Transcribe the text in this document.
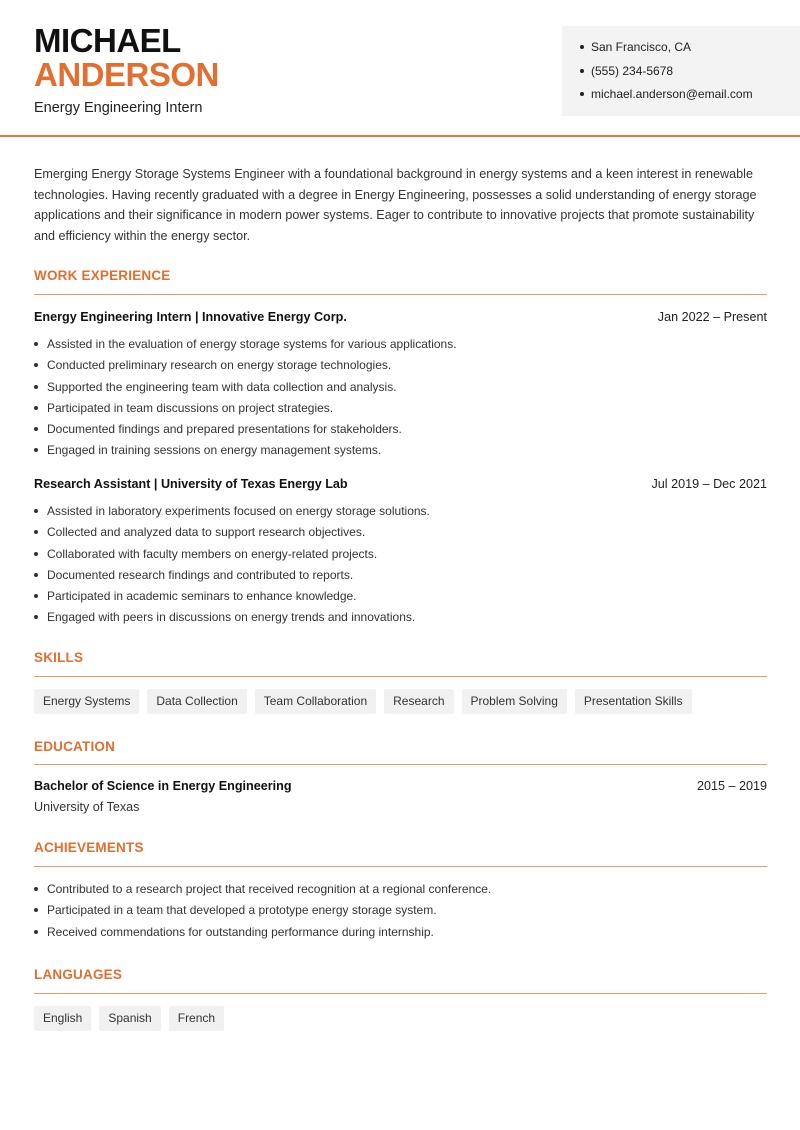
MICHAEL
ANDERSON
Energy Engineering Intern
San Francisco, CA
(555) 234-5678
michael.anderson@email.com

Emerging Energy Storage Systems Engineer with a foundational background in energy systems and a keen interest in renewable technologies. Having recently graduated with a degree in Energy Engineering, possesses a solid understanding of energy storage applications and their significance in modern power systems. Eager to contribute to innovative projects that promote sustainability and efficiency within the energy sector.

WORK EXPERIENCE
Energy Engineering Intern | Innovative Energy Corp.	Jan 2022 – Present
Assisted in the evaluation of energy storage systems for various applications.
Conducted preliminary research on energy storage technologies.
Supported the engineering team with data collection and analysis.
Participated in team discussions on project strategies.
Documented findings and prepared presentations for stakeholders.
Engaged in training sessions on energy management systems.
Research Assistant | University of Texas Energy Lab	Jul 2019 – Dec 2021
Assisted in laboratory experiments focused on energy storage solutions.
Collected and analyzed data to support research objectives.
Collaborated with faculty members on energy-related projects.
Documented research findings and contributed to reports.
Participated in academic seminars to enhance knowledge.
Engaged with peers in discussions on energy trends and innovations.
SKILLS
Energy Systems	Data Collection	Team Collaboration	Research	Problem Solving	Presentation Skills
EDUCATION
Bachelor of Science in Energy Engineering	2015 – 2019
University of Texas
ACHIEVEMENTS
Contributed to a research project that received recognition at a regional conference.
Participated in a team that developed a prototype energy storage system.
Received commendations for outstanding performance during internship.
LANGUAGES
English	Spanish	French
